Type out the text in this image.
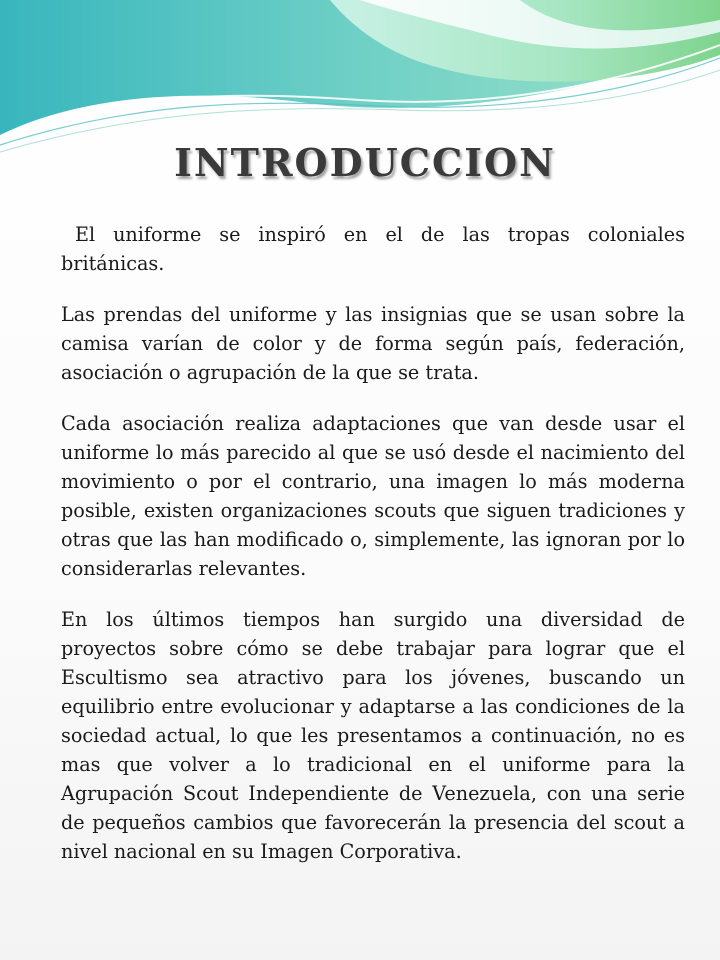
INTRODUCCION

El uniforme se inspiró en el de las tropas coloniales británicas.

Las prendas del uniforme y las insignias que se usan sobre la camisa varían de color y de forma según país, federación, asociación o agrupación de la que se trata.

Cada asociación realiza adaptaciones que van desde usar el uniforme lo más parecido al que se usó desde el nacimiento del movimiento o por el contrario, una imagen lo más moderna posible, existen organizaciones scouts que siguen tradiciones y otras que las han modificado o, simplemente, las ignoran por lo considerarlas relevantes.

En los últimos tiempos han surgido una diversidad de proyectos sobre cómo se debe trabajar para lograr que el Escultismo sea atractivo para los jóvenes, buscando un equilibrio entre evolucionar y adaptarse a las condiciones de la sociedad actual, lo que les presentamos a continuación, no es mas que volver a lo tradicional en el uniforme para la Agrupación Scout Independiente de Venezuela, con una serie de pequeños cambios que favorecerán la presencia del scout a nivel nacional en su Imagen Corporativa.
